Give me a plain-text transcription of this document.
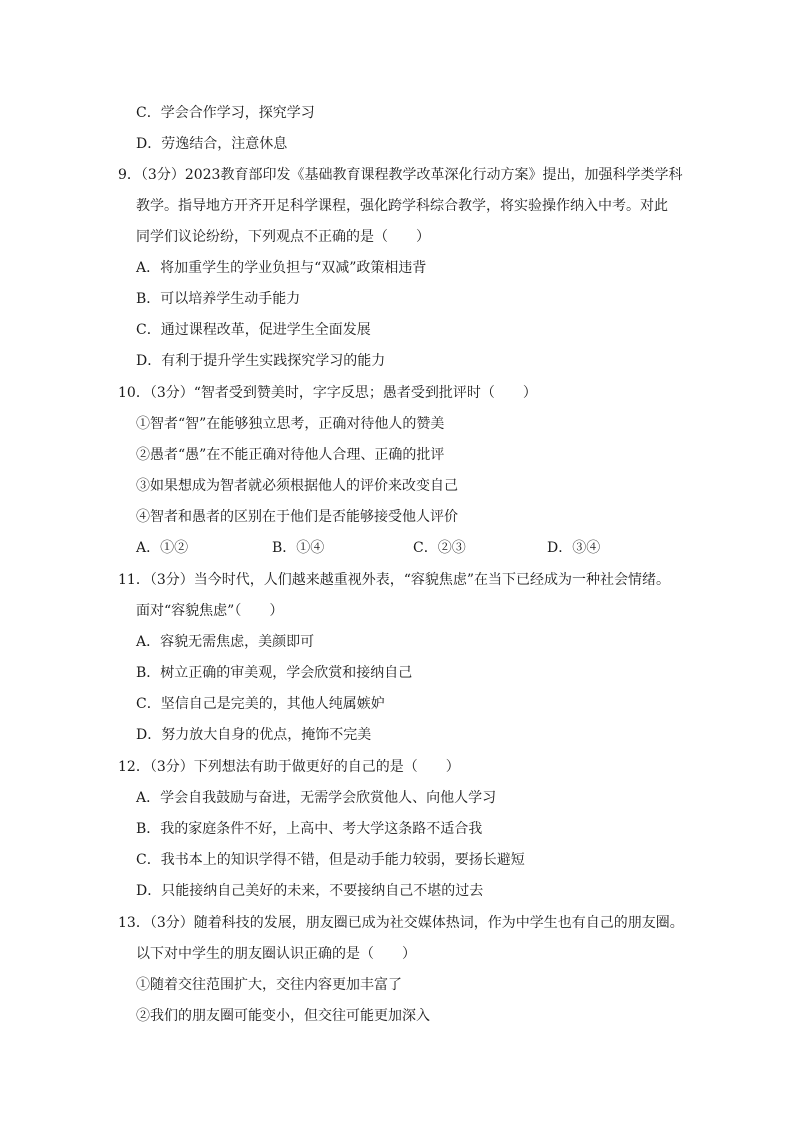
C．学会合作学习，探究学习
D．劳逸结合，注意休息
9．（3分）2023教育部印发《基础教育课程教学改革深化行动方案》提出，加强科学类学科
教学。指导地方开齐开足科学课程，强化跨学科综合教学，将实验操作纳入中考。对此
同学们议论纷纷，下列观点不正确的是（　　）
A．将加重学生的学业负担与“双减”政策相违背
B．可以培养学生动手能力
C．通过课程改革，促进学生全面发展
D．有利于提升学生实践探究学习的能力
10．（3分）“智者受到赞美时，字字反思；愚者受到批评时（　　）
①智者“智”在能够独立思考，正确对待他人的赞美
②愚者“愚”在不能正确对待他人合理、正确的批评
③如果想成为智者就必须根据他人的评价来改变自己
④智者和愚者的区别在于他们是否能够接受他人评价
A．①②	B．①④	C．②③	D．③④
11．（3分）当今时代，人们越来越重视外表，“容貌焦虑”在当下已经成为一种社会情绪。
面对“容貌焦虑”（　　）
A．容貌无需焦虑，美颜即可
B．树立正确的审美观，学会欣赏和接纳自己
C．坚信自己是完美的，其他人纯属嫉妒
D．努力放大自身的优点，掩饰不完美
12．（3分）下列想法有助于做更好的自己的是（　　）
A．学会自我鼓励与奋进，无需学会欣赏他人、向他人学习
B．我的家庭条件不好，上高中、考大学这条路不适合我
C．我书本上的知识学得不错，但是动手能力较弱，要扬长避短
D．只能接纳自己美好的未来，不要接纳自己不堪的过去
13．（3分）随着科技的发展，朋友圈已成为社交媒体热词，作为中学生也有自己的朋友圈。
以下对中学生的朋友圈认识正确的是（　　）
①随着交往范围扩大，交往内容更加丰富了
②我们的朋友圈可能变小，但交往可能更加深入
